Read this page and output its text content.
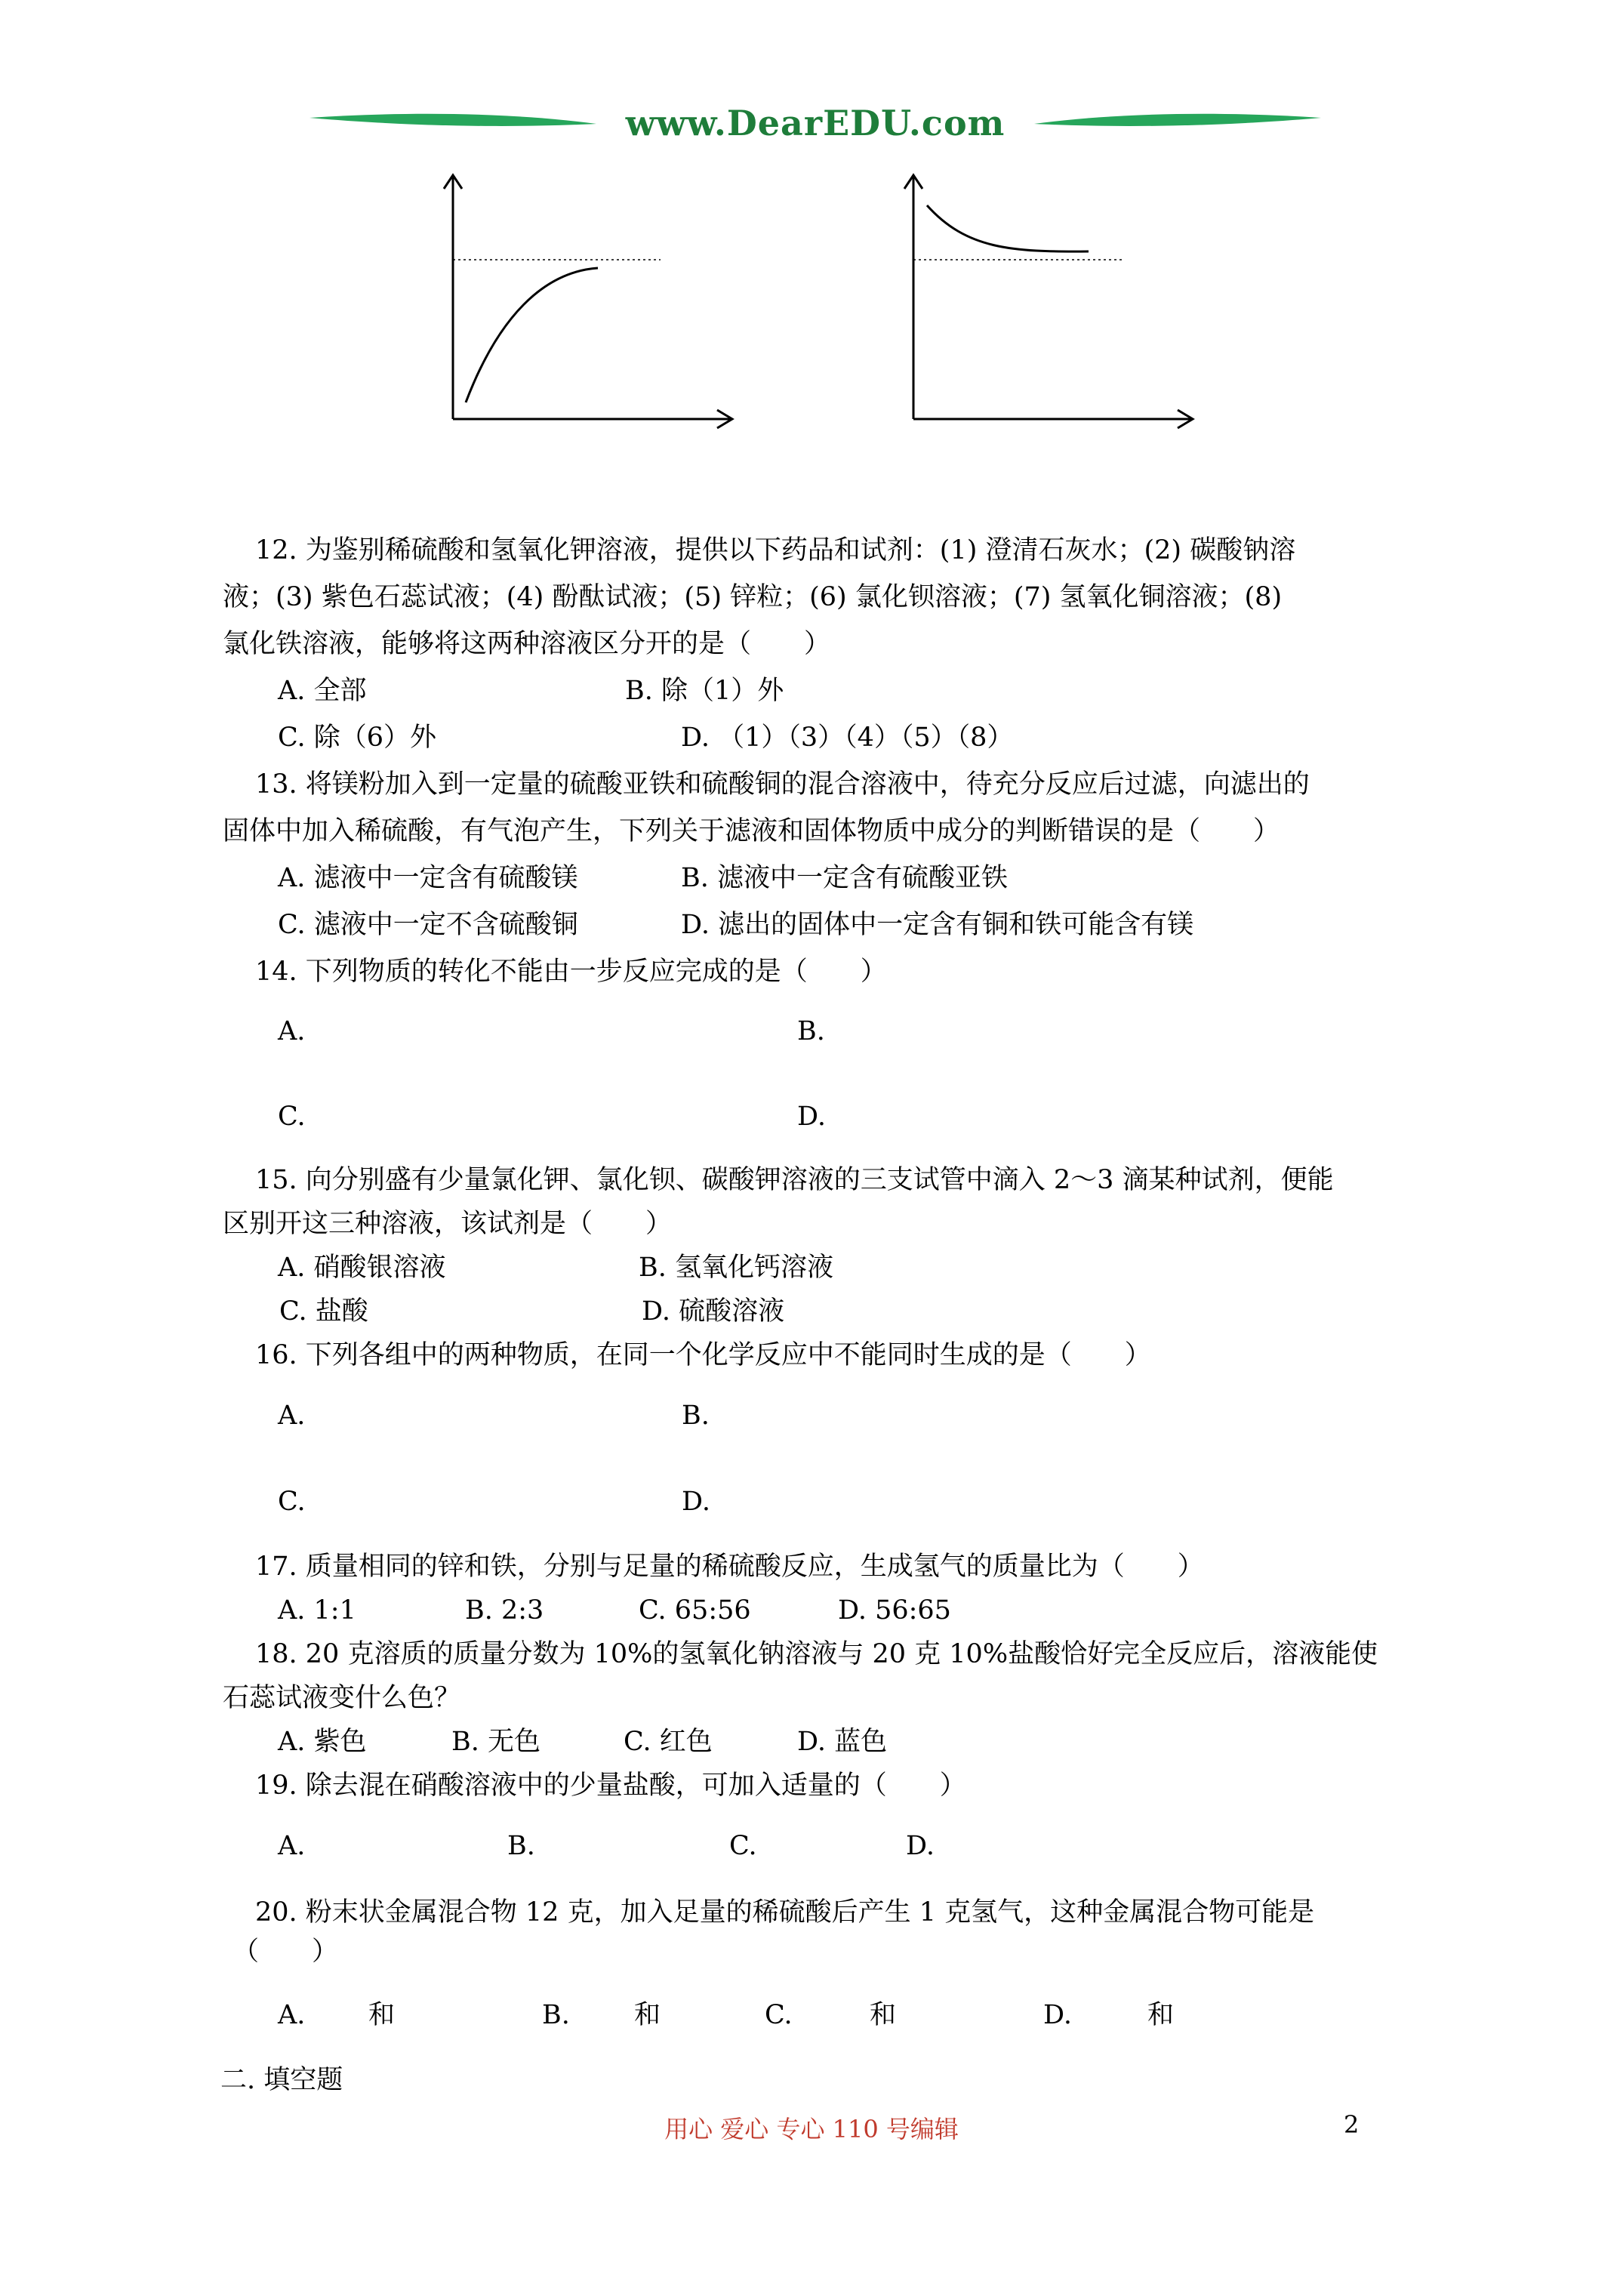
www.DearEDU.com
12. 为鉴别稀硫酸和氢氧化钾溶液，提供以下药品和试剂：(1) 澄清石灰水；(2) 碳酸钠溶
液；(3) 紫色石蕊试液；(4) 酚酞试液；(5) 锌粒；(6) 氯化钡溶液；(7) 氢氧化铜溶液；(8)
氯化铁溶液，能够将这两种溶液区分开的是（　　）
A. 全部	B. 除（1）外
C. 除（6）外	D. （1）（3）（4）（5）（8）
13. 将镁粉加入到一定量的硫酸亚铁和硫酸铜的混合溶液中，待充分反应后过滤，向滤出的
固体中加入稀硫酸，有气泡产生，下列关于滤液和固体物质中成分的判断错误的是（　　）
A. 滤液中一定含有硫酸镁	B. 滤液中一定含有硫酸亚铁
C. 滤液中一定不含硫酸铜	D. 滤出的固体中一定含有铜和铁可能含有镁
14. 下列物质的转化不能由一步反应完成的是（　　）
A.	B.
C.	D.
15. 向分别盛有少量氯化钾、氯化钡、碳酸钾溶液的三支试管中滴入 2～3 滴某种试剂，便能
区别开这三种溶液，该试剂是（　　）
A. 硝酸银溶液	B. 氢氧化钙溶液
C. 盐酸	D. 硫酸溶液
16. 下列各组中的两种物质，在同一个化学反应中不能同时生成的是（　　）
A.	B.
C.	D.
17. 质量相同的锌和铁，分别与足量的稀硫酸反应，生成氢气的质量比为（　　）
A. 1:1	B. 2:3	C. 65:56	D. 56:65
18. 20 克溶质的质量分数为 10%的氢氧化钠溶液与 20 克 10%盐酸恰好完全反应后，溶液能使
石蕊试液变什么色？
A. 紫色	B. 无色	C. 红色	D. 蓝色
19. 除去混在硝酸溶液中的少量盐酸，可加入适量的（　　）
A.	B.	C.	D.
20. 粉末状金属混合物 12 克，加入足量的稀硫酸后产生 1 克氢气，这种金属混合物可能是
（　　）
A. 和	B. 和	C.	和	D.	和
二. 填空题
用心 爱心 专心 110 号编辑	2
